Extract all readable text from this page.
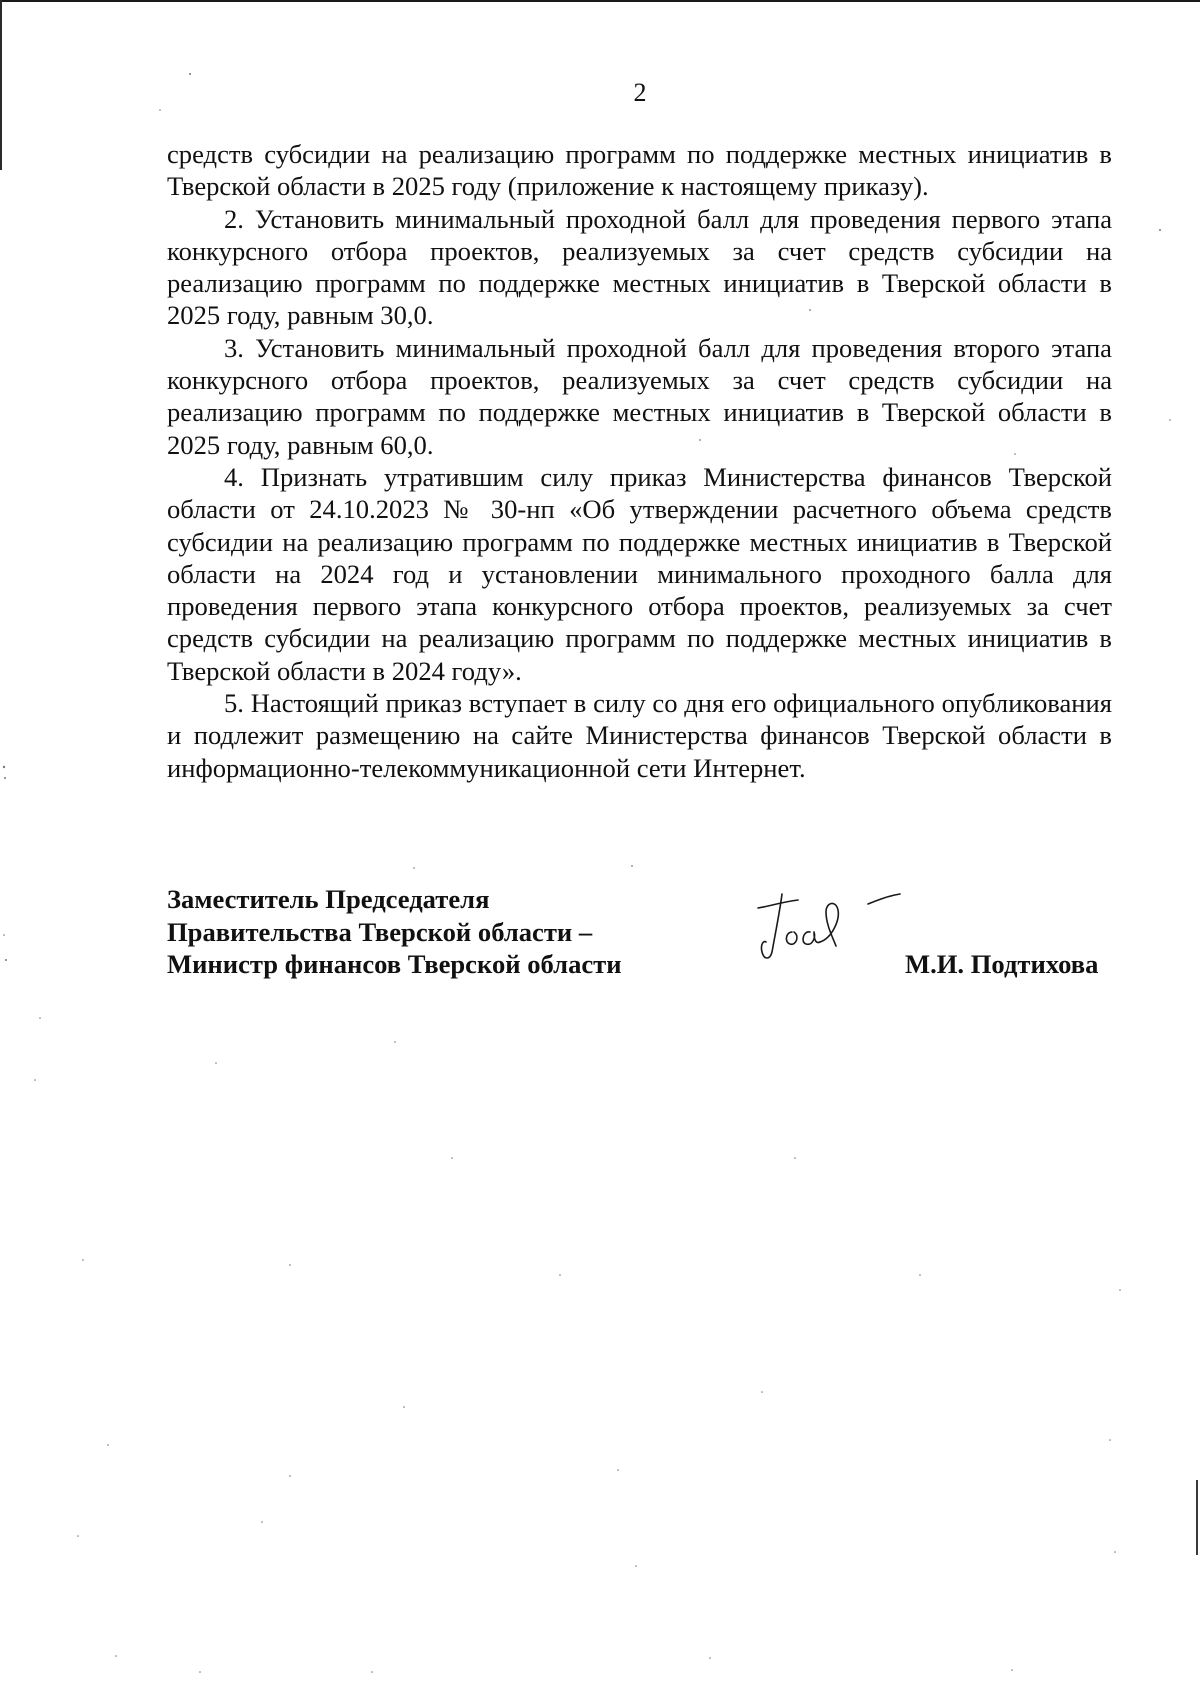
2

средств субсидии на реализацию программ по поддержке местных инициатив в Тверской области в 2025 году (приложение к настоящему приказу).

2. Установить минимальный проходной балл для проведения первого этапа конкурсного отбора проектов, реализуемых за счет средств субсидии на реализацию программ по поддержке местных инициатив в Тверской области в 2025 году, равным 30,0.

3. Установить минимальный проходной балл для проведения второго этапа конкурсного отбора проектов, реализуемых за счет средств субсидии на реализацию программ по поддержке местных инициатив в Тверской области в 2025 году, равным 60,0.

4. Признать утратившим силу приказ Министерства финансов Тверской области от 24.10.2023 № 30-нп «Об утверждении расчетного объема средств субсидии на реализацию программ по поддержке местных инициатив в Тверской области на 2024 год и установлении минимального проходного балла для проведения первого этапа конкурсного отбора проектов, реализуемых за счет средств субсидии на реализацию программ по поддержке местных инициатив в Тверской области в 2024 году».

5. Настоящий приказ вступает в силу со дня его официального опубликования и подлежит размещению на сайте Министерства финансов Тверской области в информационно-телекоммуникационной сети Интернет.

Заместитель Председателя
Правительства Тверской области –
Министр финансов Тверской области	М.И. Подтихова
